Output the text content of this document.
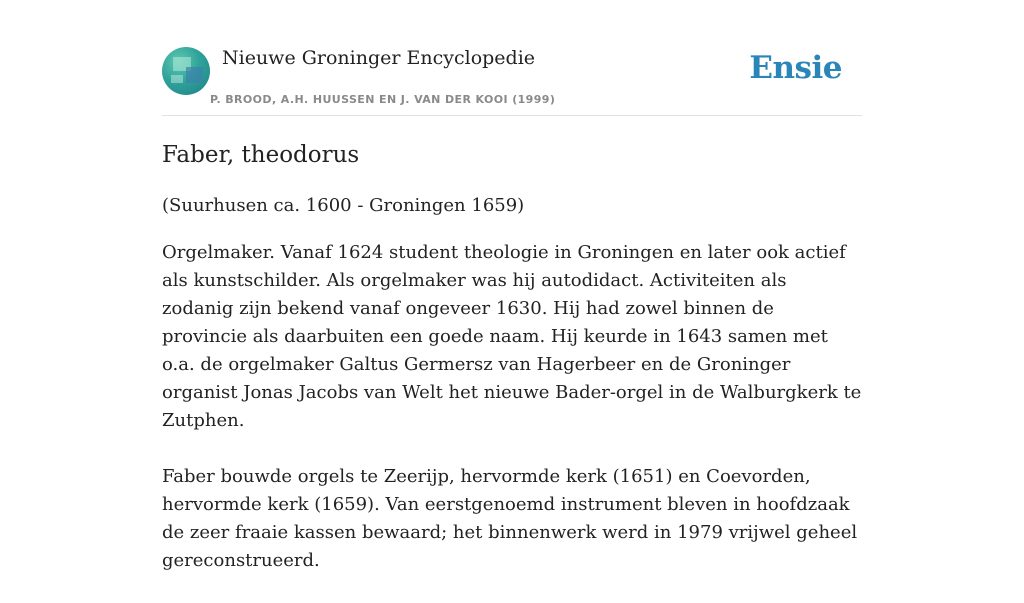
Nieuwe Groninger Encyclopedie
P. BROOD, A.H. HUUSSEN EN J. VAN DER KOOI (1999)
Ensie
Faber, theodorus

(Suurhusen ca. 1600 - Groningen 1659)

Orgelmaker. Vanaf 1624 student theologie in Groningen en later ook actief als kunstschilder. Als orgelmaker was hij autodidact. Activiteiten als zodanig zijn bekend vanaf ongeveer 1630. Hij had zowel binnen de provincie als daarbuiten een goede naam. Hij keurde in 1643 samen met o.a. de orgelmaker Galtus Germersz van Hagerbeer en de Groninger organist Jonas Jacobs van Welt het nieuwe Bader-orgel in de Walburgkerk te Zutphen.

Faber bouwde orgels te Zeerijp, hervormde kerk (1651) en Coevorden, hervormde kerk (1659). Van eerstgenoemd instrument bleven in hoofdzaak de zeer fraaie kassen bewaard; het binnenwerk werd in 1979 vrijwel geheel gereconstrueerd.
